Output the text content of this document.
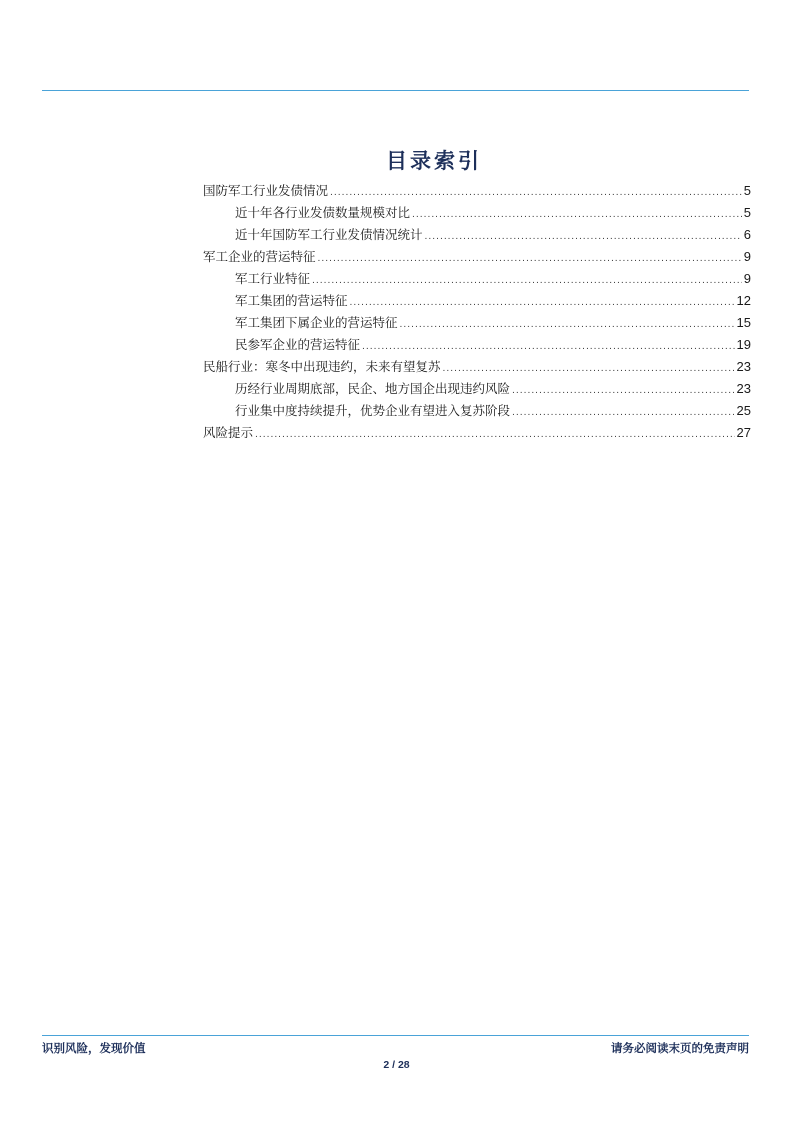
目录索引
国防军工行业发债情况 .....	5
近十年各行业发债数量规模对比 .....	5
近十年国防军工行业发债情况统计 .....	6
军工企业的营运特征 .....	9
军工行业特征 .....	9
军工集团的营运特征 .....	12
军工集团下属企业的营运特征 .....	15
民参军企业的营运特征 .....	19
民船行业：寒冬中出现违约，未来有望复苏 .....	23
历经行业周期底部，民企、地方国企出现违约风险 .....	23
行业集中度持续提升，优势企业有望进入复苏阶段 .....	25
风险提示 .....	27
识别风险，发现价值	请务必阅读末页的免责声明
2 / 28
